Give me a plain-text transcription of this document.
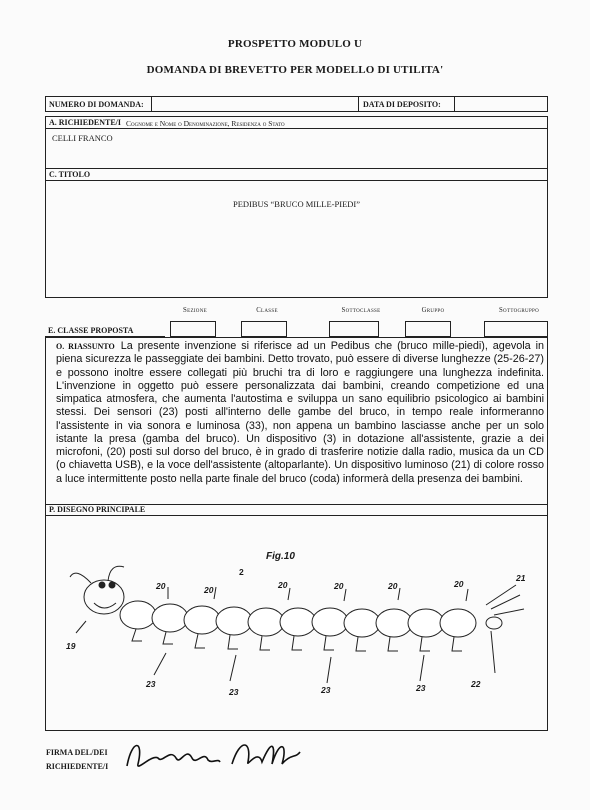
PROSPETTO MODULO U
DOMANDA DI BREVETTO PER MODELLO DI UTILITA'
NUMERO DI DOMANDA:	DATA DI DEPOSITO:
A. RICHIEDENTE/I Cognome e Nome o Denominazione, Residenza o Stato
CELLI FRANCO
C. TITOLO
PEDIBUS “BRUCO MILLE-PIEDI”
Sezione	Classe	Sottoclasse	Gruppo	Sottogruppo
E. CLASSE PROPOSTA
O. RIASSUNTO La presente invenzione si riferisce ad un Pedibus che (bruco mille-piedi), agevola in piena sicurezza le passeggiate dei bambini. Detto trovato, può essere di diverse lunghezze (25-26-27) e possono inoltre essere collegati più bruchi tra di loro e raggiungere una lunghezza indefinita. L'invenzione in oggetto può essere personalizzata dai bambini, creando competizione ed una simpatica atmosfera, che aumenta l'autostima e sviluppa un sano equilibrio psicologico ai bambini stessi. Dei sensori (23) posti all'interno delle gambe del bruco, in tempo reale informeranno l'assistente in via sonora e luminosa (33), non appena un bambino lasciasse anche per un solo istante la presa (gamba del bruco). Un dispositivo (3) in dotazione all'assistente, grazie a dei microfoni, (20) posti sul dorso del bruco, è in grado di trasferire notizie dalla radio, musica da un CD (o chiavetta USB), e la voce dell'assistente (altoparlante). Un dispositivo luminoso (21) di colore rosso a luce intermittente posto nella parte finale del bruco (coda) informerà della presenza dei bambini.
P. DISEGNO PRINCIPALE
Fig.10
20	20	20	20	20	20
21
19
2
23
23	23	23	22
FIRMA DEL/DEI
RICHIEDENTE/I
